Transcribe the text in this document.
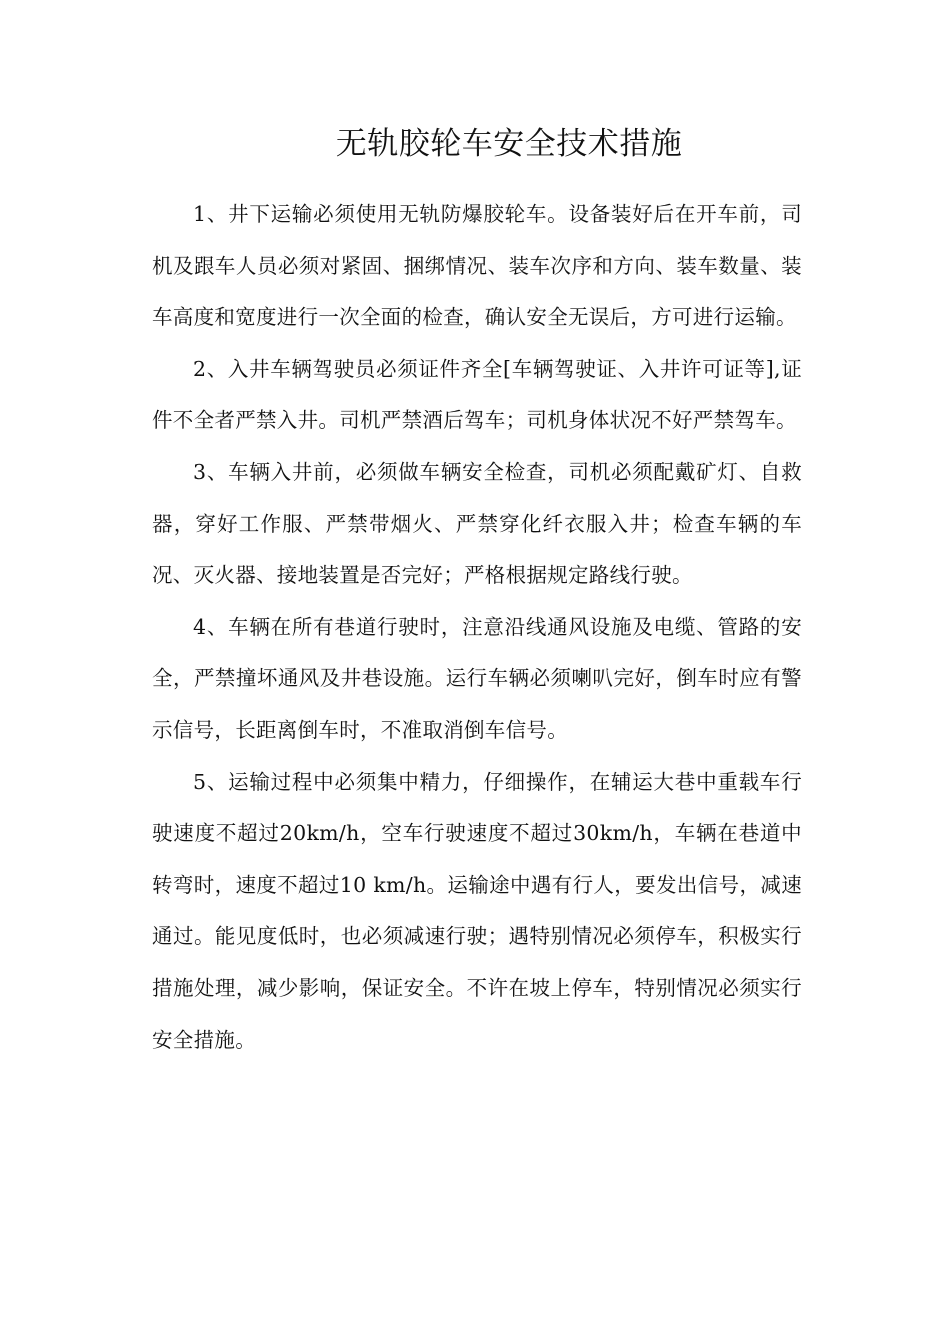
无轨胶轮车安全技术措施

1、井下运输必须使用无轨防爆胶轮车。设备装好后在开车前，司机及跟车人员必须对紧固、捆绑情况、装车次序和方向、装车数量、装车高度和宽度进行一次全面的检查，确认安全无误后，方可进行运输。

2、入井车辆驾驶员必须证件齐全[车辆驾驶证、入井许可证等],证件不全者严禁入井。司机严禁酒后驾车；司机身体状况不好严禁驾车。

3、车辆入井前，必须做车辆安全检查，司机必须配戴矿灯、自救器，穿好工作服、严禁带烟火、严禁穿化纤衣服入井；检查车辆的车况、灭火器、接地装置是否完好；严格根据规定路线行驶。

4、车辆在所有巷道行驶时，注意沿线通风设施及电缆、管路的安全，严禁撞坏通风及井巷设施。运行车辆必须喇叭完好，倒车时应有警示信号，长距离倒车时，不准取消倒车信号。

5、运输过程中必须集中精力，仔细操作，在辅运大巷中重载车行驶速度不超过20km/h，空车行驶速度不超过30km/h，车辆在巷道中转弯时，速度不超过10 km/h。运输途中遇有行人，要发出信号，减速通过。能见度低时，也必须减速行驶；遇特别情况必须停车，积极实行措施处理，减少影响，保证安全。不许在坡上停车，特别情况必须实行安全措施。
